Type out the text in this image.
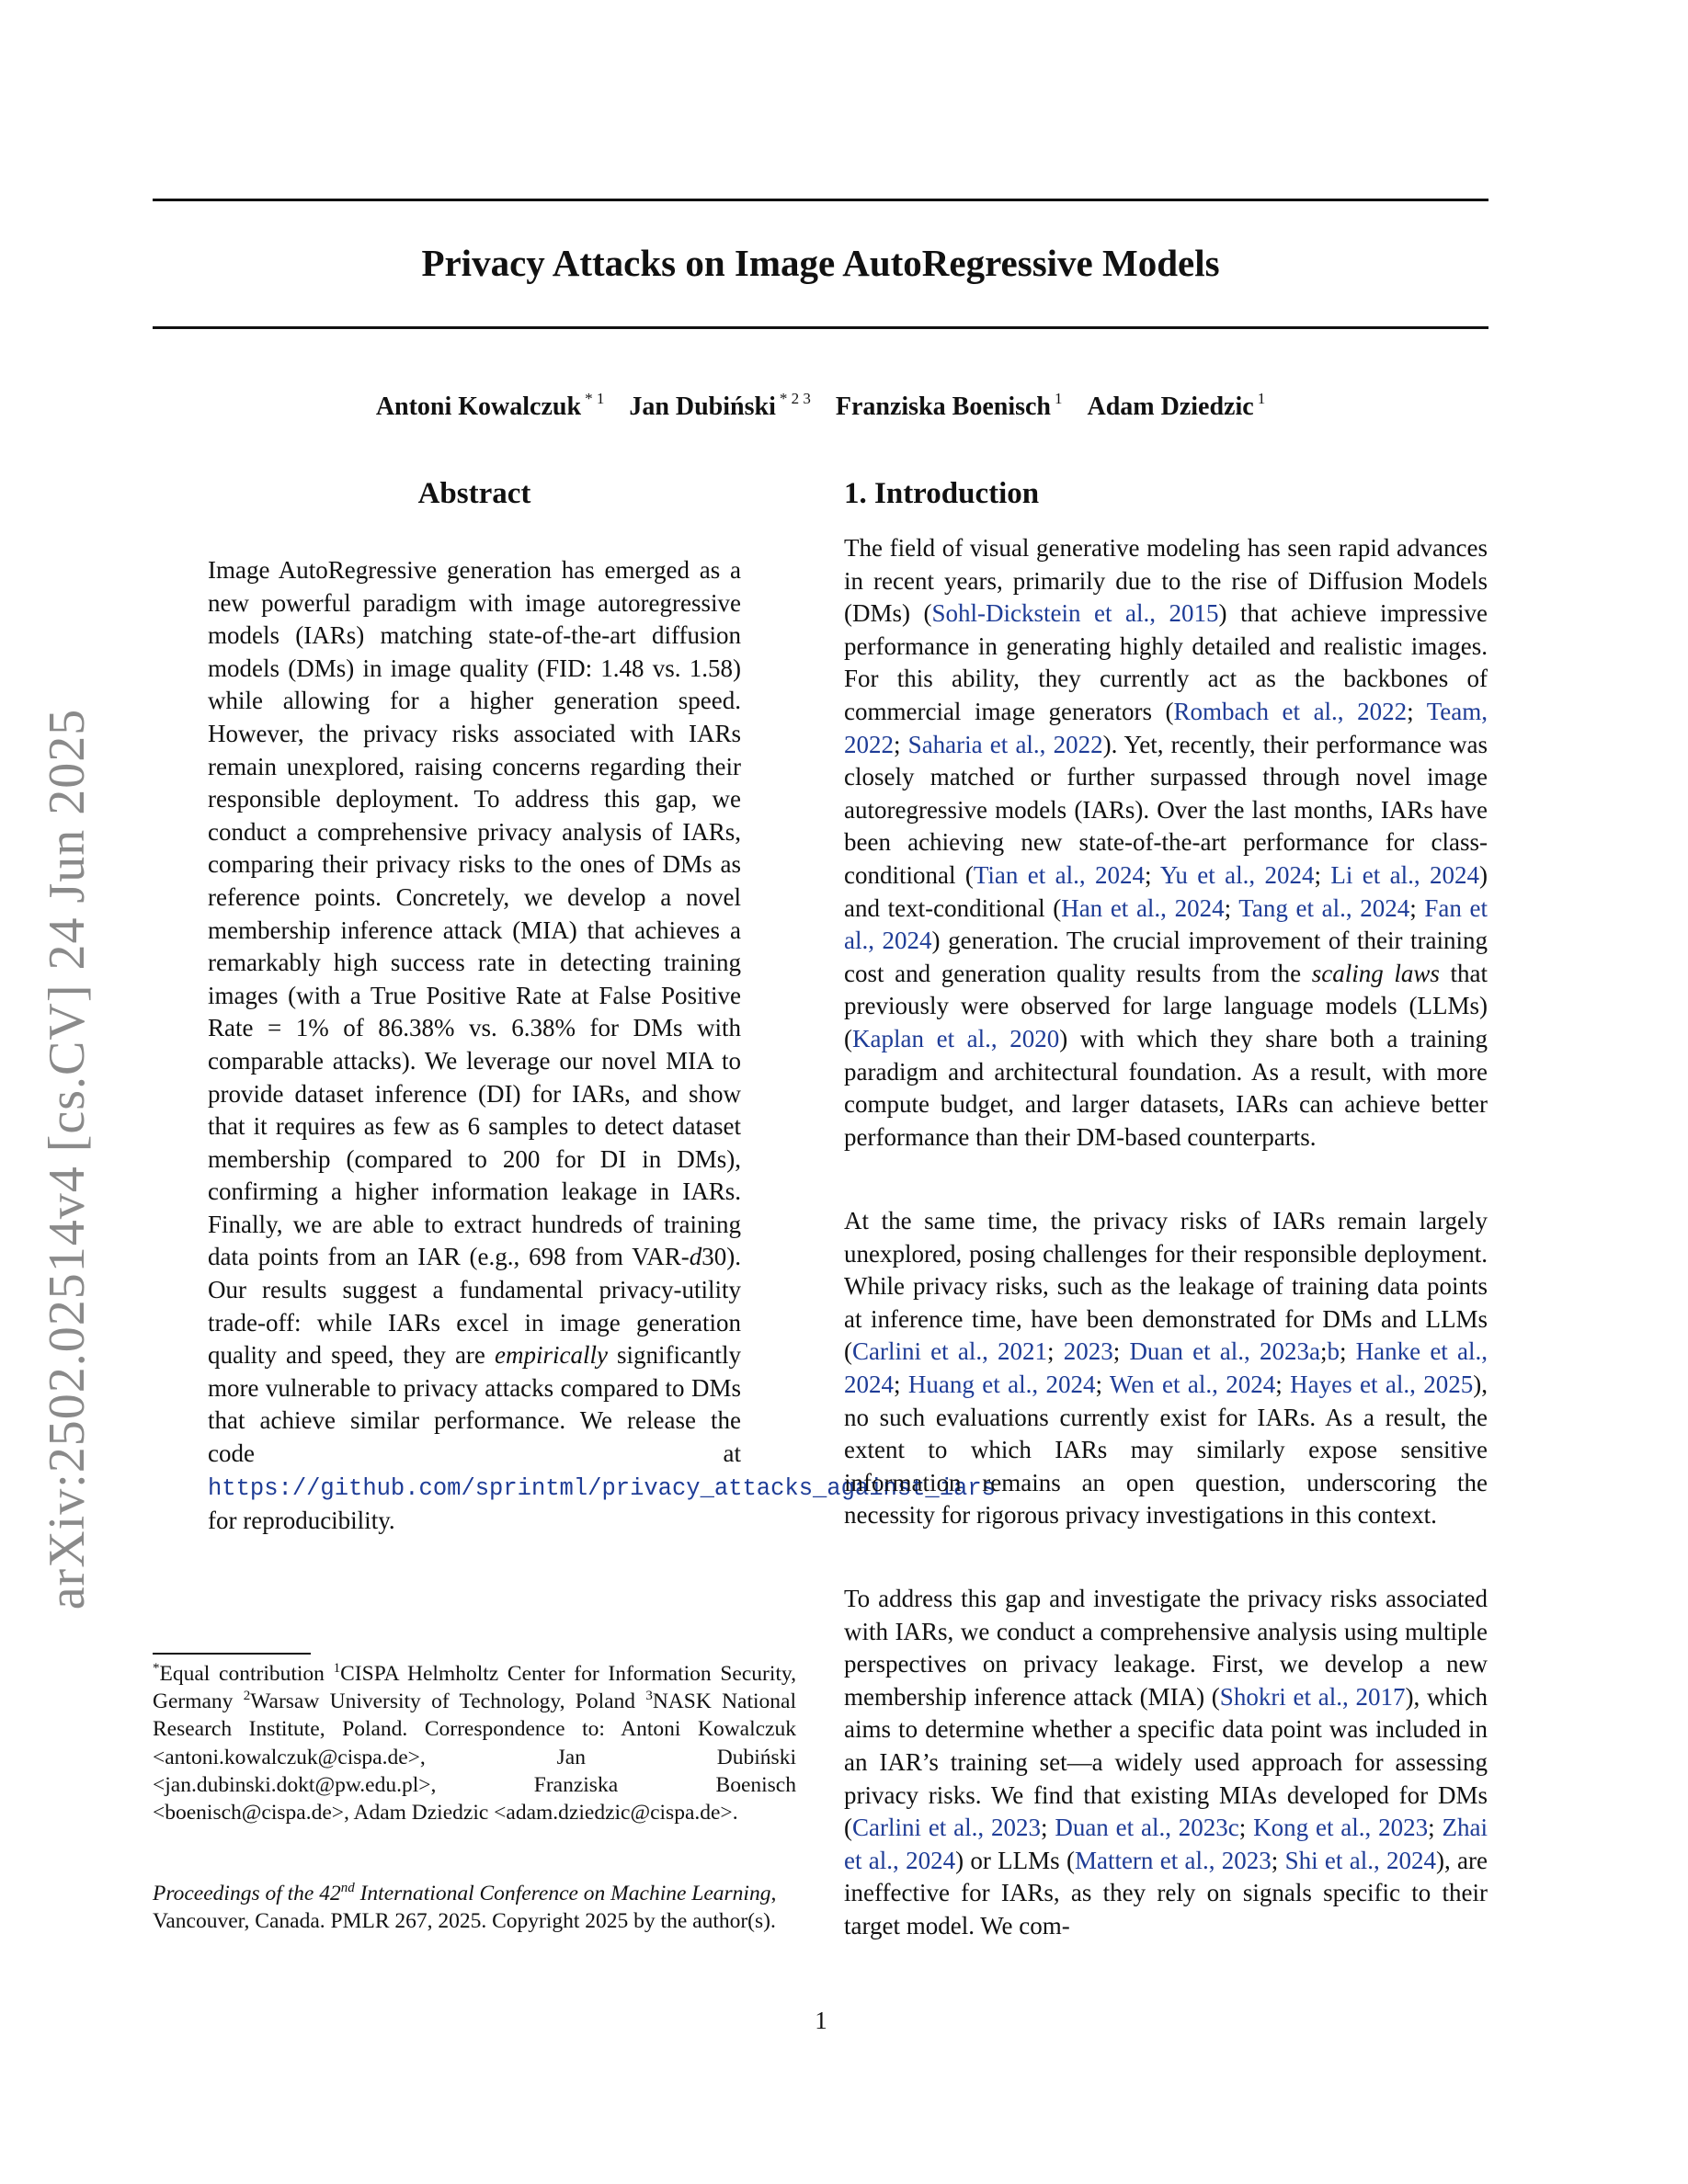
arXiv:2502.02514v4 [cs.CV] 24 Jun 2025
Privacy Attacks on Image AutoRegressive Models
Antoni Kowalczuk $^{* 1}$ Jan Dubiński $^{* 2 3}$ Franziska Boenisch $^1$ Adam Dziedzic $^1$
Abstract

Image AutoRegressive generation has emerged as a new powerful paradigm with image autoregressive models (IARs) matching state-of-the-art diffusion models (DMs) in image quality (FID: 1.48 vs. 1.58) while allowing for a higher generation speed. However, the privacy risks associated with IARs remain unexplored, raising concerns regarding their responsible deployment. To address this gap, we conduct a comprehensive privacy analysis of IARs, comparing their privacy risks to the ones of DMs as reference points. Concretely, we develop a novel membership inference attack (MIA) that achieves a remarkably high success rate in detecting training images (with a True Positive Rate at False Positive Rate = 1% of 86.38% vs. 6.38% for DMs with comparable attacks). We leverage our novel MIA to provide dataset inference (DI) for IARs, and show that it requires as few as 6 samples to detect dataset membership (compared to 200 for DI in DMs), confirming a higher information leakage in IARs. Finally, we are able to extract hundreds of training data points from an IAR (e.g., 698 from VAR-d30). Our results suggest a fundamental privacy-utility trade-off: while IARs excel in image generation quality and speed, they are empirically significantly more vulnerable to privacy attacks compared to DMs that achieve similar performance. We release the code at https://github.com/sprintml/privacy_attacks_against_iars for reproducibility.

1. Introduction

The field of visual generative modeling has seen rapid advances in recent years, primarily due to the rise of Diffusion Models (DMs) (Sohl-Dickstein et al., 2015) that achieve impressive performance in generating highly detailed and realistic images. For this ability, they currently act as the backbones of commercial image generators (Rombach et al., 2022; Team, 2022; Saharia et al., 2022). Yet, recently, their performance was closely matched or further surpassed through novel image autoregressive models (IARs). Over the last months, IARs have been achieving new state-of-the-art performance for class-conditional (Tian et al., 2024; Yu et al., 2024; Li et al., 2024) and text-conditional (Han et al., 2024; Tang et al., 2024; Fan et al., 2024) generation. The crucial improvement of their training cost and generation quality results from the scaling laws that previously were observed for large language models (LLMs) (Kaplan et al., 2020) with which they share both a training paradigm and architectural foundation. As a result, with more compute budget, and larger datasets, IARs can achieve better performance than their DM-based counterparts.

At the same time, the privacy risks of IARs remain largely unexplored, posing challenges for their responsible deployment. While privacy risks, such as the leakage of training data points at inference time, have been demonstrated for DMs and LLMs (Carlini et al., 2021; 2023; Duan et al., 2023a;b; Hanke et al., 2024; Huang et al., 2024; Wen et al., 2024; Hayes et al., 2025), no such evaluations currently exist for IARs. As a result, the extent to which IARs may similarly expose sensitive information remains an open question, underscoring the necessity for rigorous privacy investigations in this context.

To address this gap and investigate the privacy risks associated with IARs, we conduct a comprehensive analysis using multiple perspectives on privacy leakage. First, we develop a new membership inference attack (MIA) (Shokri et al., 2017), which aims to determine whether a specific data point was included in an IAR’s training set—a widely used approach for assessing privacy risks. We find that existing MIAs developed for DMs (Carlini et al., 2023; Duan et al., 2023c; Kong et al., 2023; Zhai et al., 2024) or LLMs (Mattern et al., 2023; Shi et al., 2024), are ineffective for IARs, as they rely on signals specific to their target model. We com-

*Equal contribution $^1$CISPA Helmholtz Center for Information Security, Germany $^2$Warsaw University of Technology, Poland $^3$NASK National Research Institute, Poland. Correspondence to: Antoni Kowalczuk <antoni.kowalczuk@cispa.de>, Jan Dubiński <jan.dubinski.dokt@pw.edu.pl>, Franziska Boenisch <boenisch@cispa.de>, Adam Dziedzic <adam.dziedzic@cispa.de>.

Proceedings of the 42nd International Conference on Machine Learning, Vancouver, Canada. PMLR 267, 2025. Copyright 2025 by the author(s).

1
